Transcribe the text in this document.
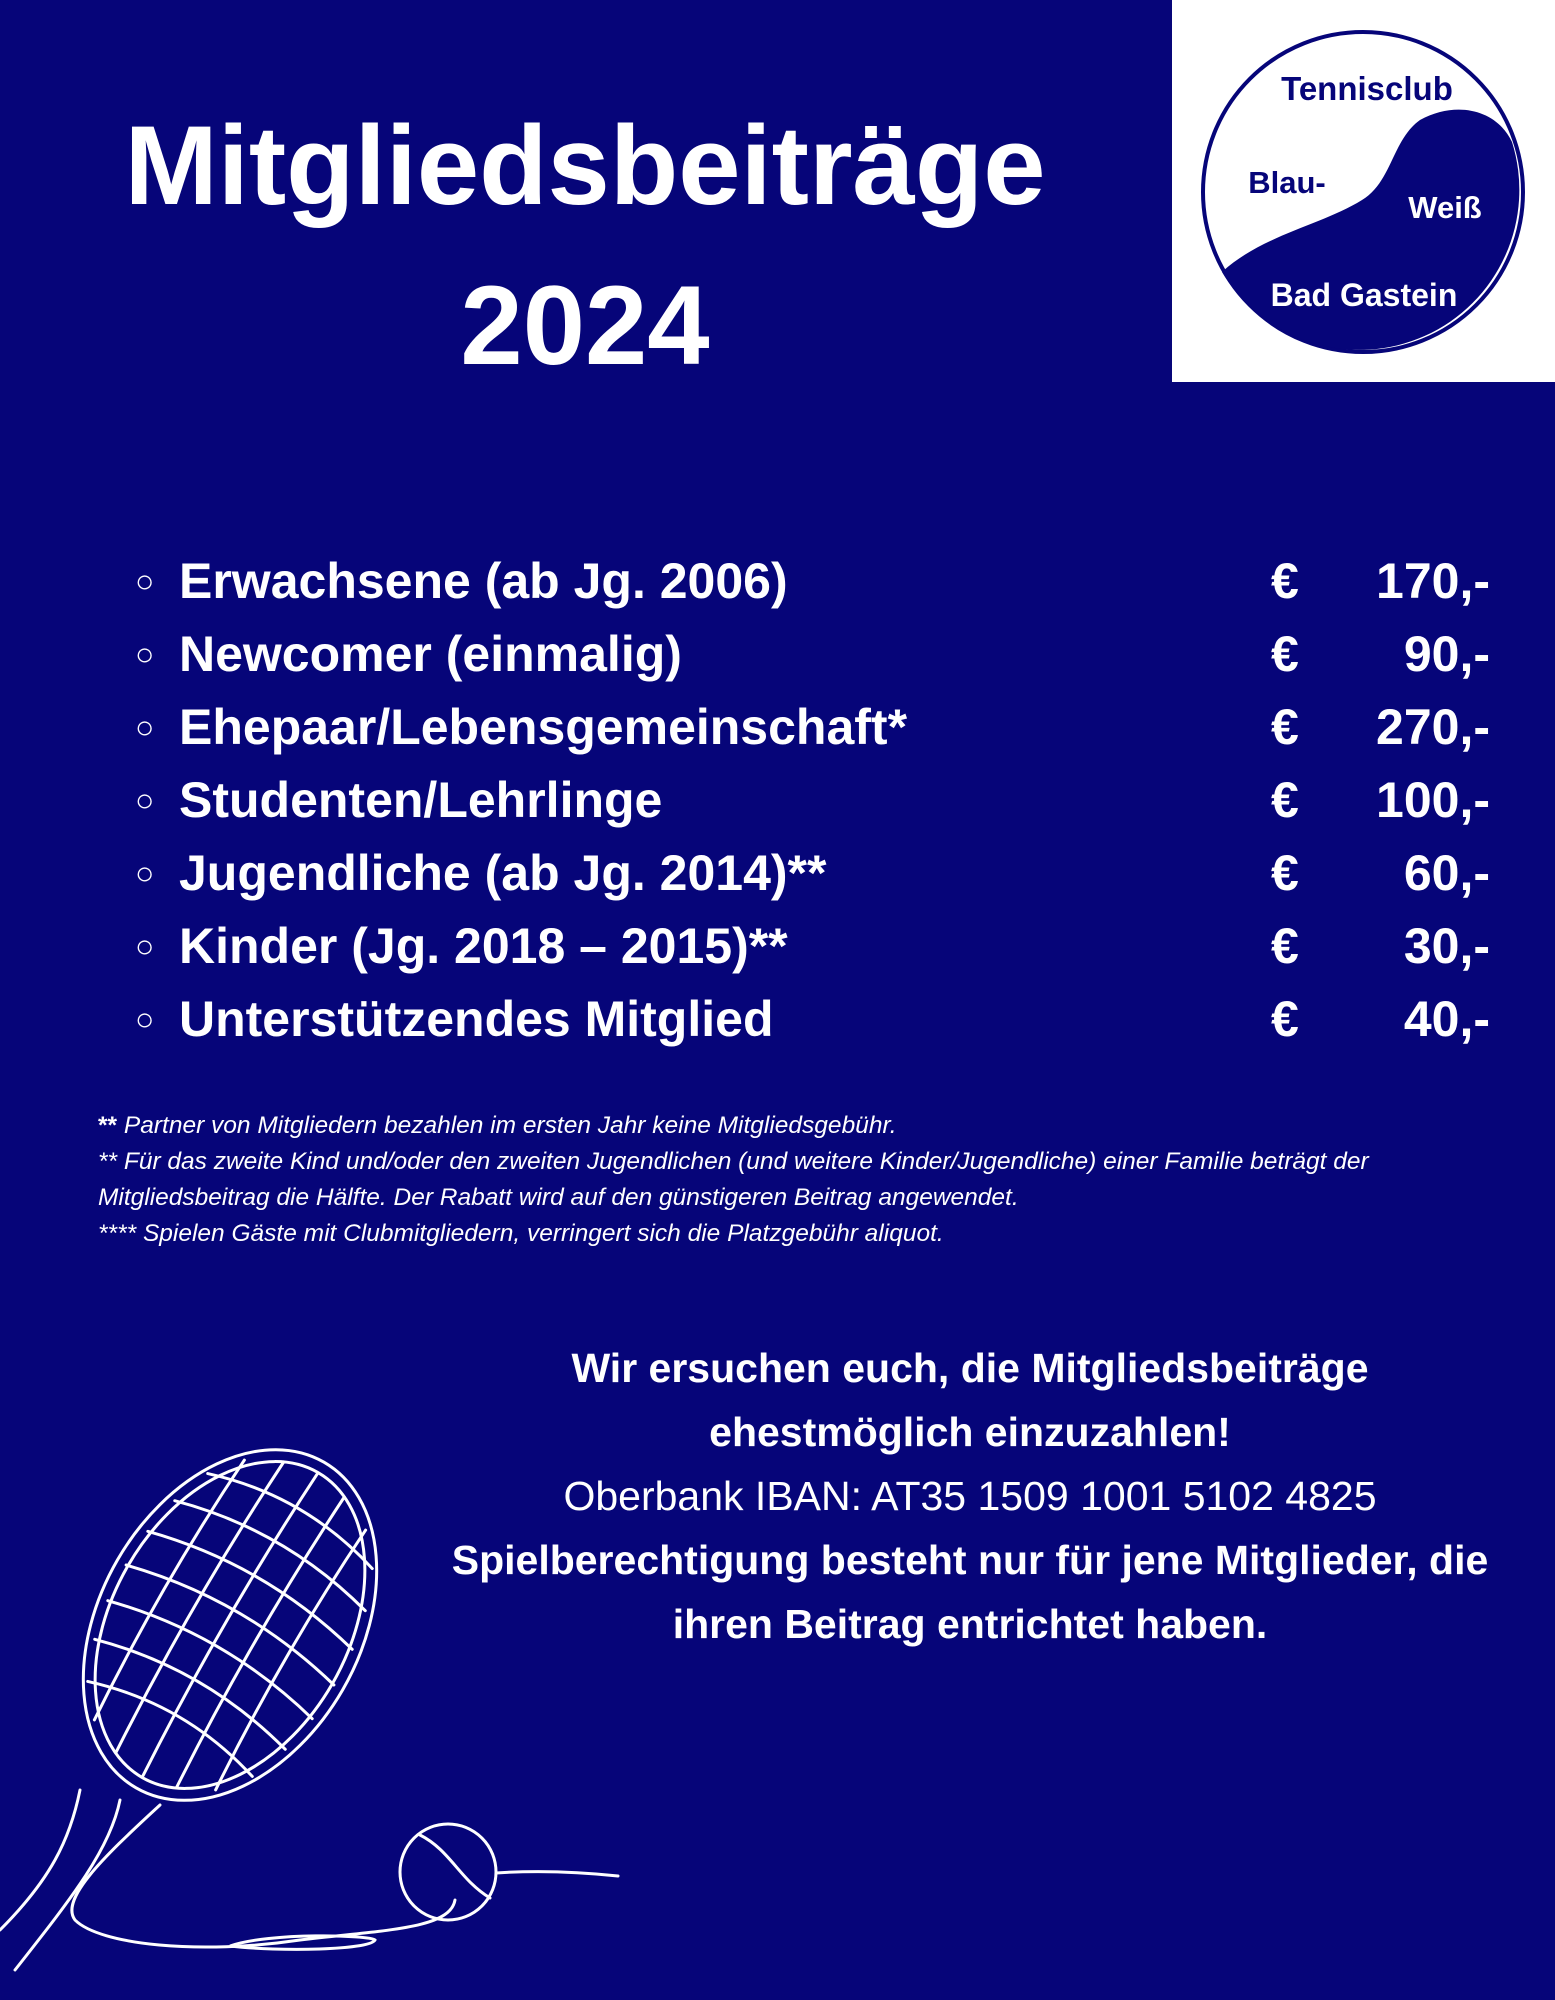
Mitgliedsbeiträge
2024
Tennisclub
Blau-
Weiß
Bad Gastein
○ Erwachsene (ab Jg. 2006)	€	170,-
○ Newcomer (einmalig)	€	90,-
○ Ehepaar/Lebensgemeinschaft*	€	270,-
○ Studenten/Lehrlinge	€	100,-
○ Jugendliche (ab Jg. 2014)**	€	60,-
○ Kinder (Jg. 2018 – 2015)**	€	30,-
○ Unterstützendes Mitglied	€	40,-

** Partner von Mitgliedern bezahlen im ersten Jahr keine Mitgliedsgebühr.

** Für das zweite Kind und/oder den zweiten Jugendlichen (und weitere Kinder/Jugendliche) einer Familie beträgt der

Mitgliedsbeitrag die Hälfte. Der Rabatt wird auf den günstigeren Beitrag angewendet.

**** Spielen Gäste mit Clubmitgliedern, verringert sich die Platzgebühr aliquot.

Wir ersuchen euch, die Mitgliedsbeiträge
ehestmöglich einzuzahlen!
Oberbank IBAN: AT35 1509 1001 5102 4825
Spielberechtigung besteht nur für jene Mitglieder, die
ihren Beitrag entrichtet haben.
